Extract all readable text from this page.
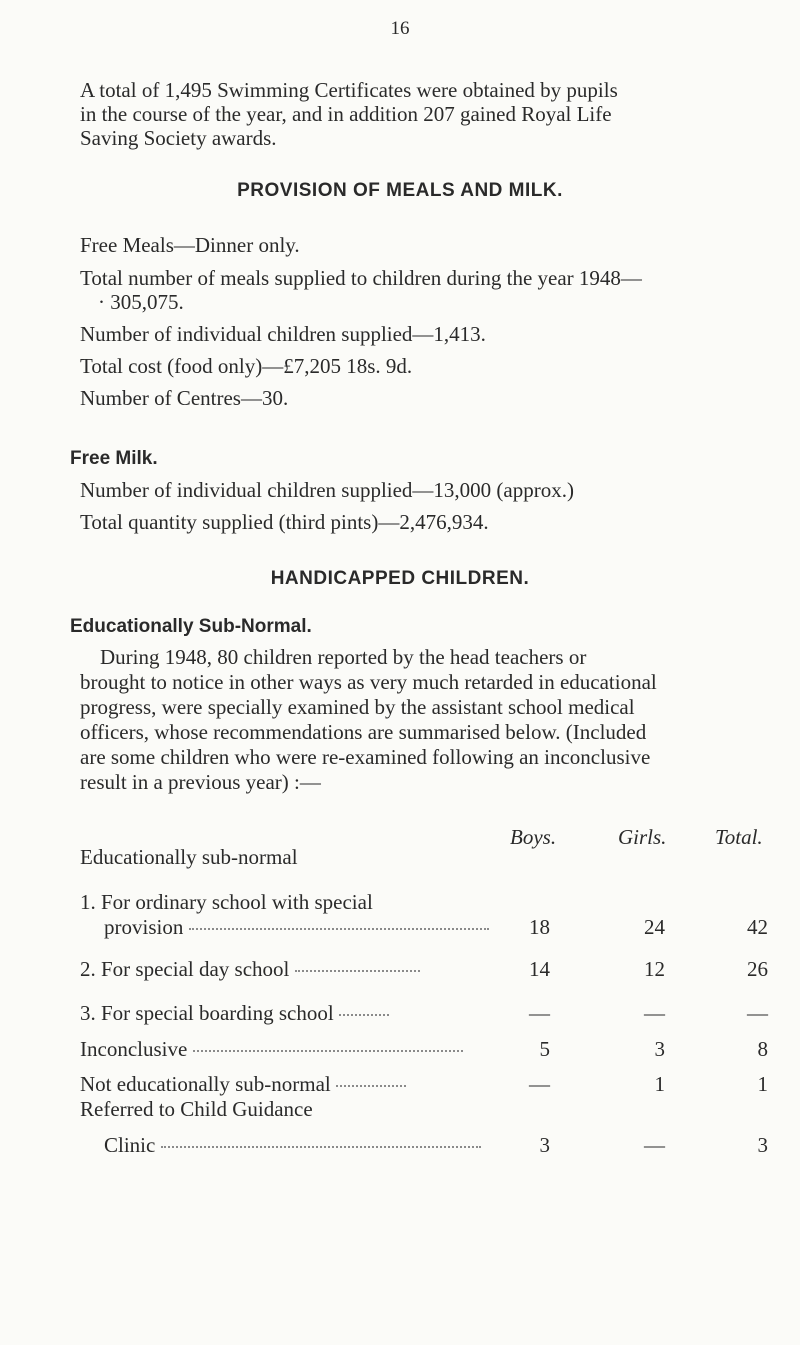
16
A total of 1,495 Swimming Certificates were obtained by pupils
in the course of the year, and in addition 207 gained Royal Life
Saving Society awards.
PROVISION OF MEALS AND MILK.
Free Meals—Dinner only.
Total number of meals supplied to children during the year 1948—
· 305,075.
Number of individual children supplied—1,413.
Total cost (food only)—£7,205 18s. 9d.
Number of Centres—30.
Free Milk.
Number of individual children supplied—13,000 (approx.)
Total quantity supplied (third pints)—2,476,934.
HANDICAPPED CHILDREN.
Educationally Sub-Normal.
During 1948, 80 children reported by the head teachers or
brought to notice in other ways as very much retarded in educational
progress, were specially examined by the assistant school medical
officers, whose recommendations are summarised below. (Included
are some children who were re-examined following an inconclusive
result in a previous year) :—
Boys.	Girls. Total.
Educationally sub-normal
1. For ordinary school with special
provision	18	24	42
2. For special day school	14	12	26
3. For special boarding school	—	—	—
Inconclusive	5	3	8
Not educationally sub-normal	—	1	1
Referred to Child Guidance
Clinic	3	—	3
